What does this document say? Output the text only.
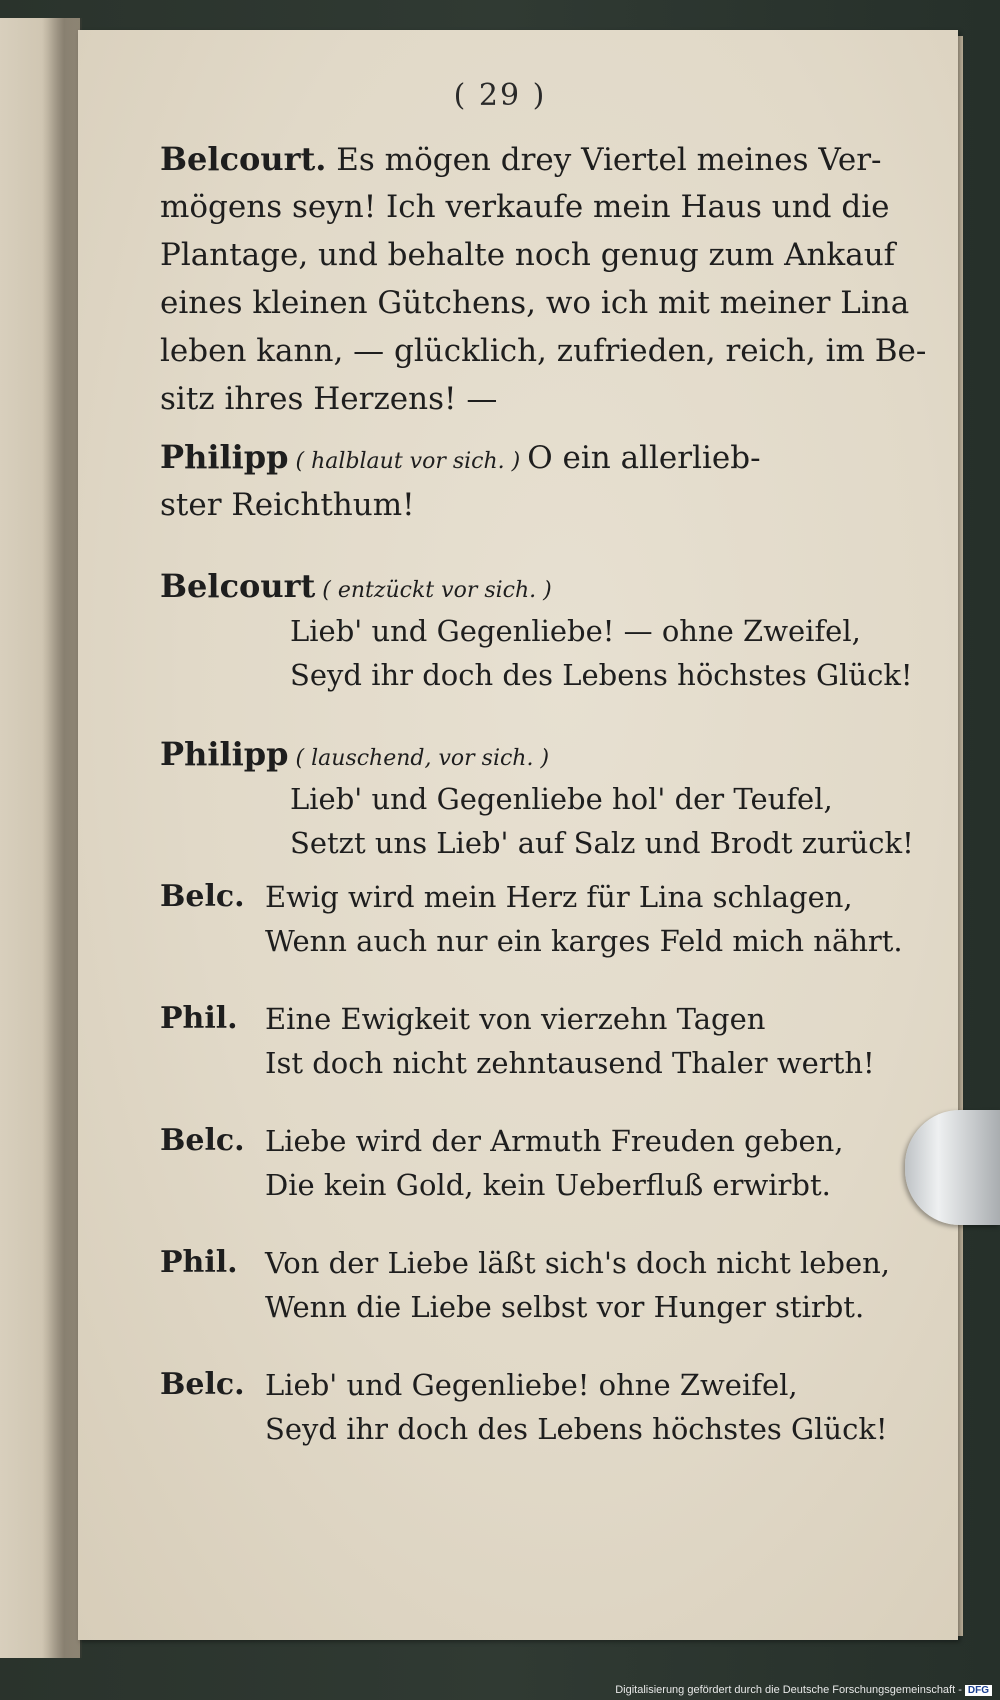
( 29 )
Belcourt. Es mögen drey Viertel meines Ver-
mögens seyn! Ich verkaufe mein Haus und die
Plantage, und behalte noch genug zum Ankauf
eines kleinen Gütchens, wo ich mit meiner Lina
leben kann, — glücklich, zufrieden, reich, im Be-
sitz ihres Herzens! —
Philipp ( halblaut vor sich. ) O ein allerlieb-
ster Reichthum!
Belcourt ( entzückt vor sich. )
Lieb' und Gegenliebe! — ohne Zweifel,
Seyd ihr doch des Lebens höchstes Glück!
Philipp ( lauschend, vor sich. )
Lieb' und Gegenliebe hol' der Teufel,
Setzt uns Lieb' auf Salz und Brodt zurück!
Belc. Ewig wird mein Herz für Lina schlagen,
Wenn auch nur ein karges Feld mich nährt.
Phil. Eine Ewigkeit von vierzehn Tagen
Ist doch nicht zehntausend Thaler werth!
Belc. Liebe wird der Armuth Freuden geben,
Die kein Gold, kein Ueberfluß erwirbt.
Phil. Von der Liebe läßt sich's doch nicht leben,
Wenn die Liebe selbst vor Hunger stirbt.
Belc. Lieb' und Gegenliebe! ohne Zweifel,
Seyd ihr doch des Lebens höchstes Glück!
Digitalisierung gefördert durch die Deutsche Forschungsgemeinschaft - DFG
